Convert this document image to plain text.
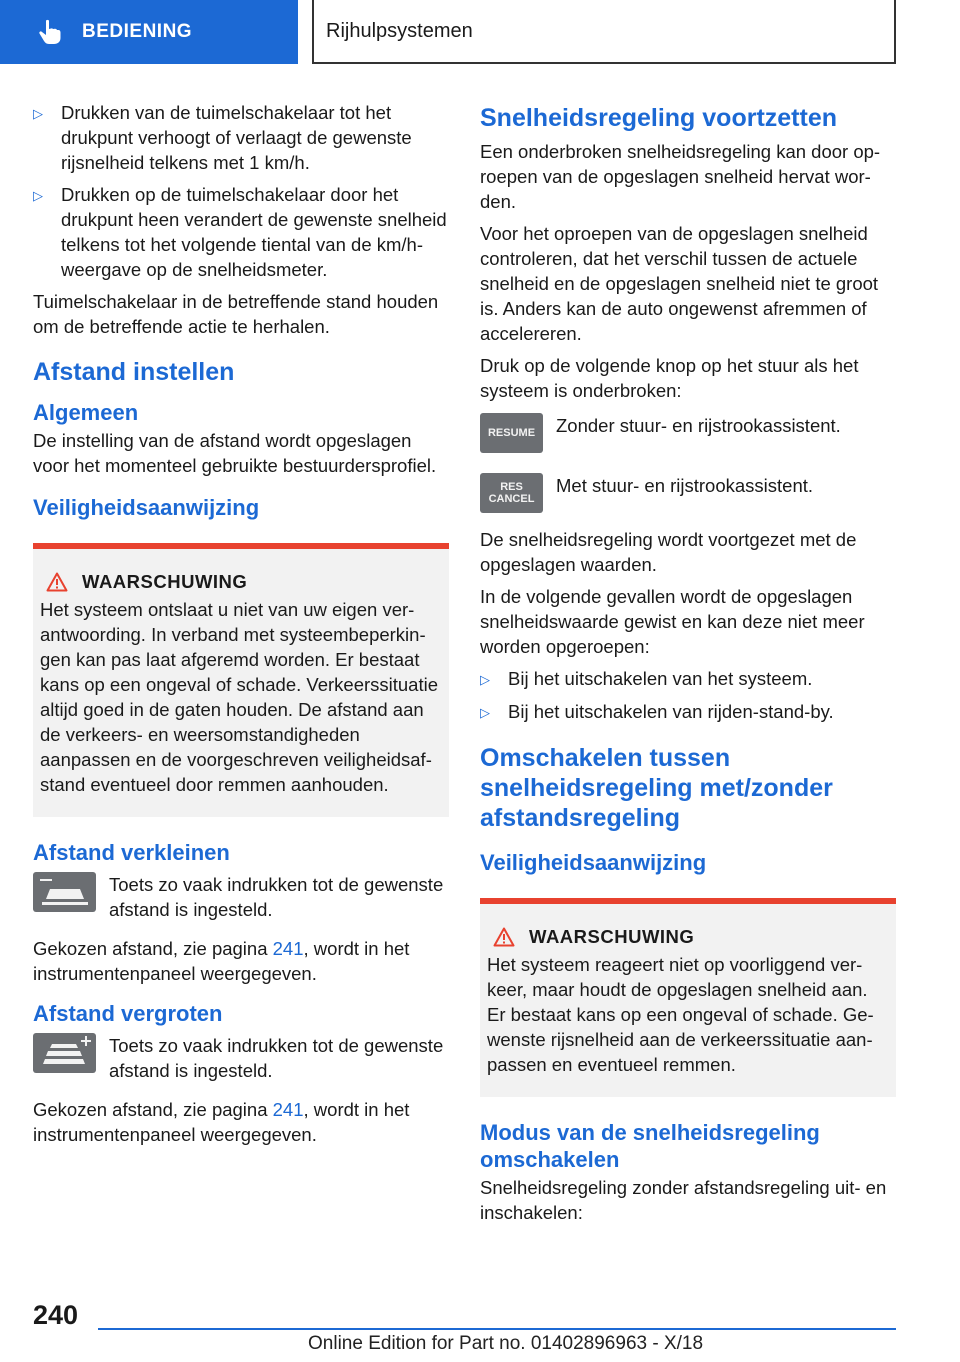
BEDIENING	Rijhulpsystemen
▷ Drukken van de tuimelschakelaar tot het drukpunt verhoogt of verlaagt de gewenste rijsnelheid telkens met 1 km/h.
▷ Drukken op de tuimelschakelaar door het drukpunt heen verandert de gewenste snelheid telkens tot het volgende tiental van de km/h-weergave op de snelheidsmeter.

Tuimelschakelaar in de betreffende stand houden om de betreffende actie te herhalen.

Afstand instellen
Algemeen

De instelling van de afstand wordt opgeslagen voor het momenteel gebruikte bestuurdersprofiel.

Veiligheidsaanwijzing
WAARSCHUWING
Het systeem ontslaat u niet van uw eigen verantwoording. In verband met systeembeperkingen kan pas laat afgeremd worden. Er bestaat kans op een ongeval of schade. Verkeerssituatie altijd goed in de gaten houden. De afstand aan de verkeers- en weersomstandigheden aanpassen en de voorgeschreven veiligheidsafstand eventueel door remmen aanhouden.
Afstand verkleinen
Toets zo vaak indrukken tot de gewenste afstand is ingesteld.

Gekozen afstand, zie pagina 241, wordt in het instrumentenpaneel weergegeven.

Afstand vergroten
Toets zo vaak indrukken tot de gewenste afstand is ingesteld.

Gekozen afstand, zie pagina 241, wordt in het instrumentenpaneel weergegeven.

Snelheidsregeling voortzetten

Een onderbroken snelheidsregeling kan door oproepen van de opgeslagen snelheid hervat worden.

Voor het oproepen van de opgeslagen snelheid controleren, dat het verschil tussen de actuele snelheid en de opgeslagen snelheid niet te groot is. Anders kan de auto ongewenst afremmen of accelereren.

Druk op de volgende knop op het stuur als het systeem is onderbroken:

RESUME Zonder stuur- en rijstrookassistent.
RES
CANCEL
Met stuur- en rijstrookassistent.

De snelheidsregeling wordt voortgezet met de opgeslagen waarden.

In de volgende gevallen wordt de opgeslagen snelheidswaarde gewist en kan deze niet meer worden opgeroepen:

▷ Bij het uitschakelen van het systeem.
▷ Bij het uitschakelen van rijden-stand-by.
Omschakelen tussen snelheidsregeling met/zonder afstandsregeling
Veiligheidsaanwijzing
WAARSCHUWING
Het systeem reageert niet op voorliggend verkeer, maar houdt de opgeslagen snelheid aan. Er bestaat kans op een ongeval of schade. Gewenste rijsnelheid aan de verkeerssituatie aanpassen en eventueel remmen.
Modus van de snelheidsregeling omschakelen

Snelheidsregeling zonder afstandsregeling uit- en inschakelen:

240
Online Edition for Part no. 01402896963 - X/18
